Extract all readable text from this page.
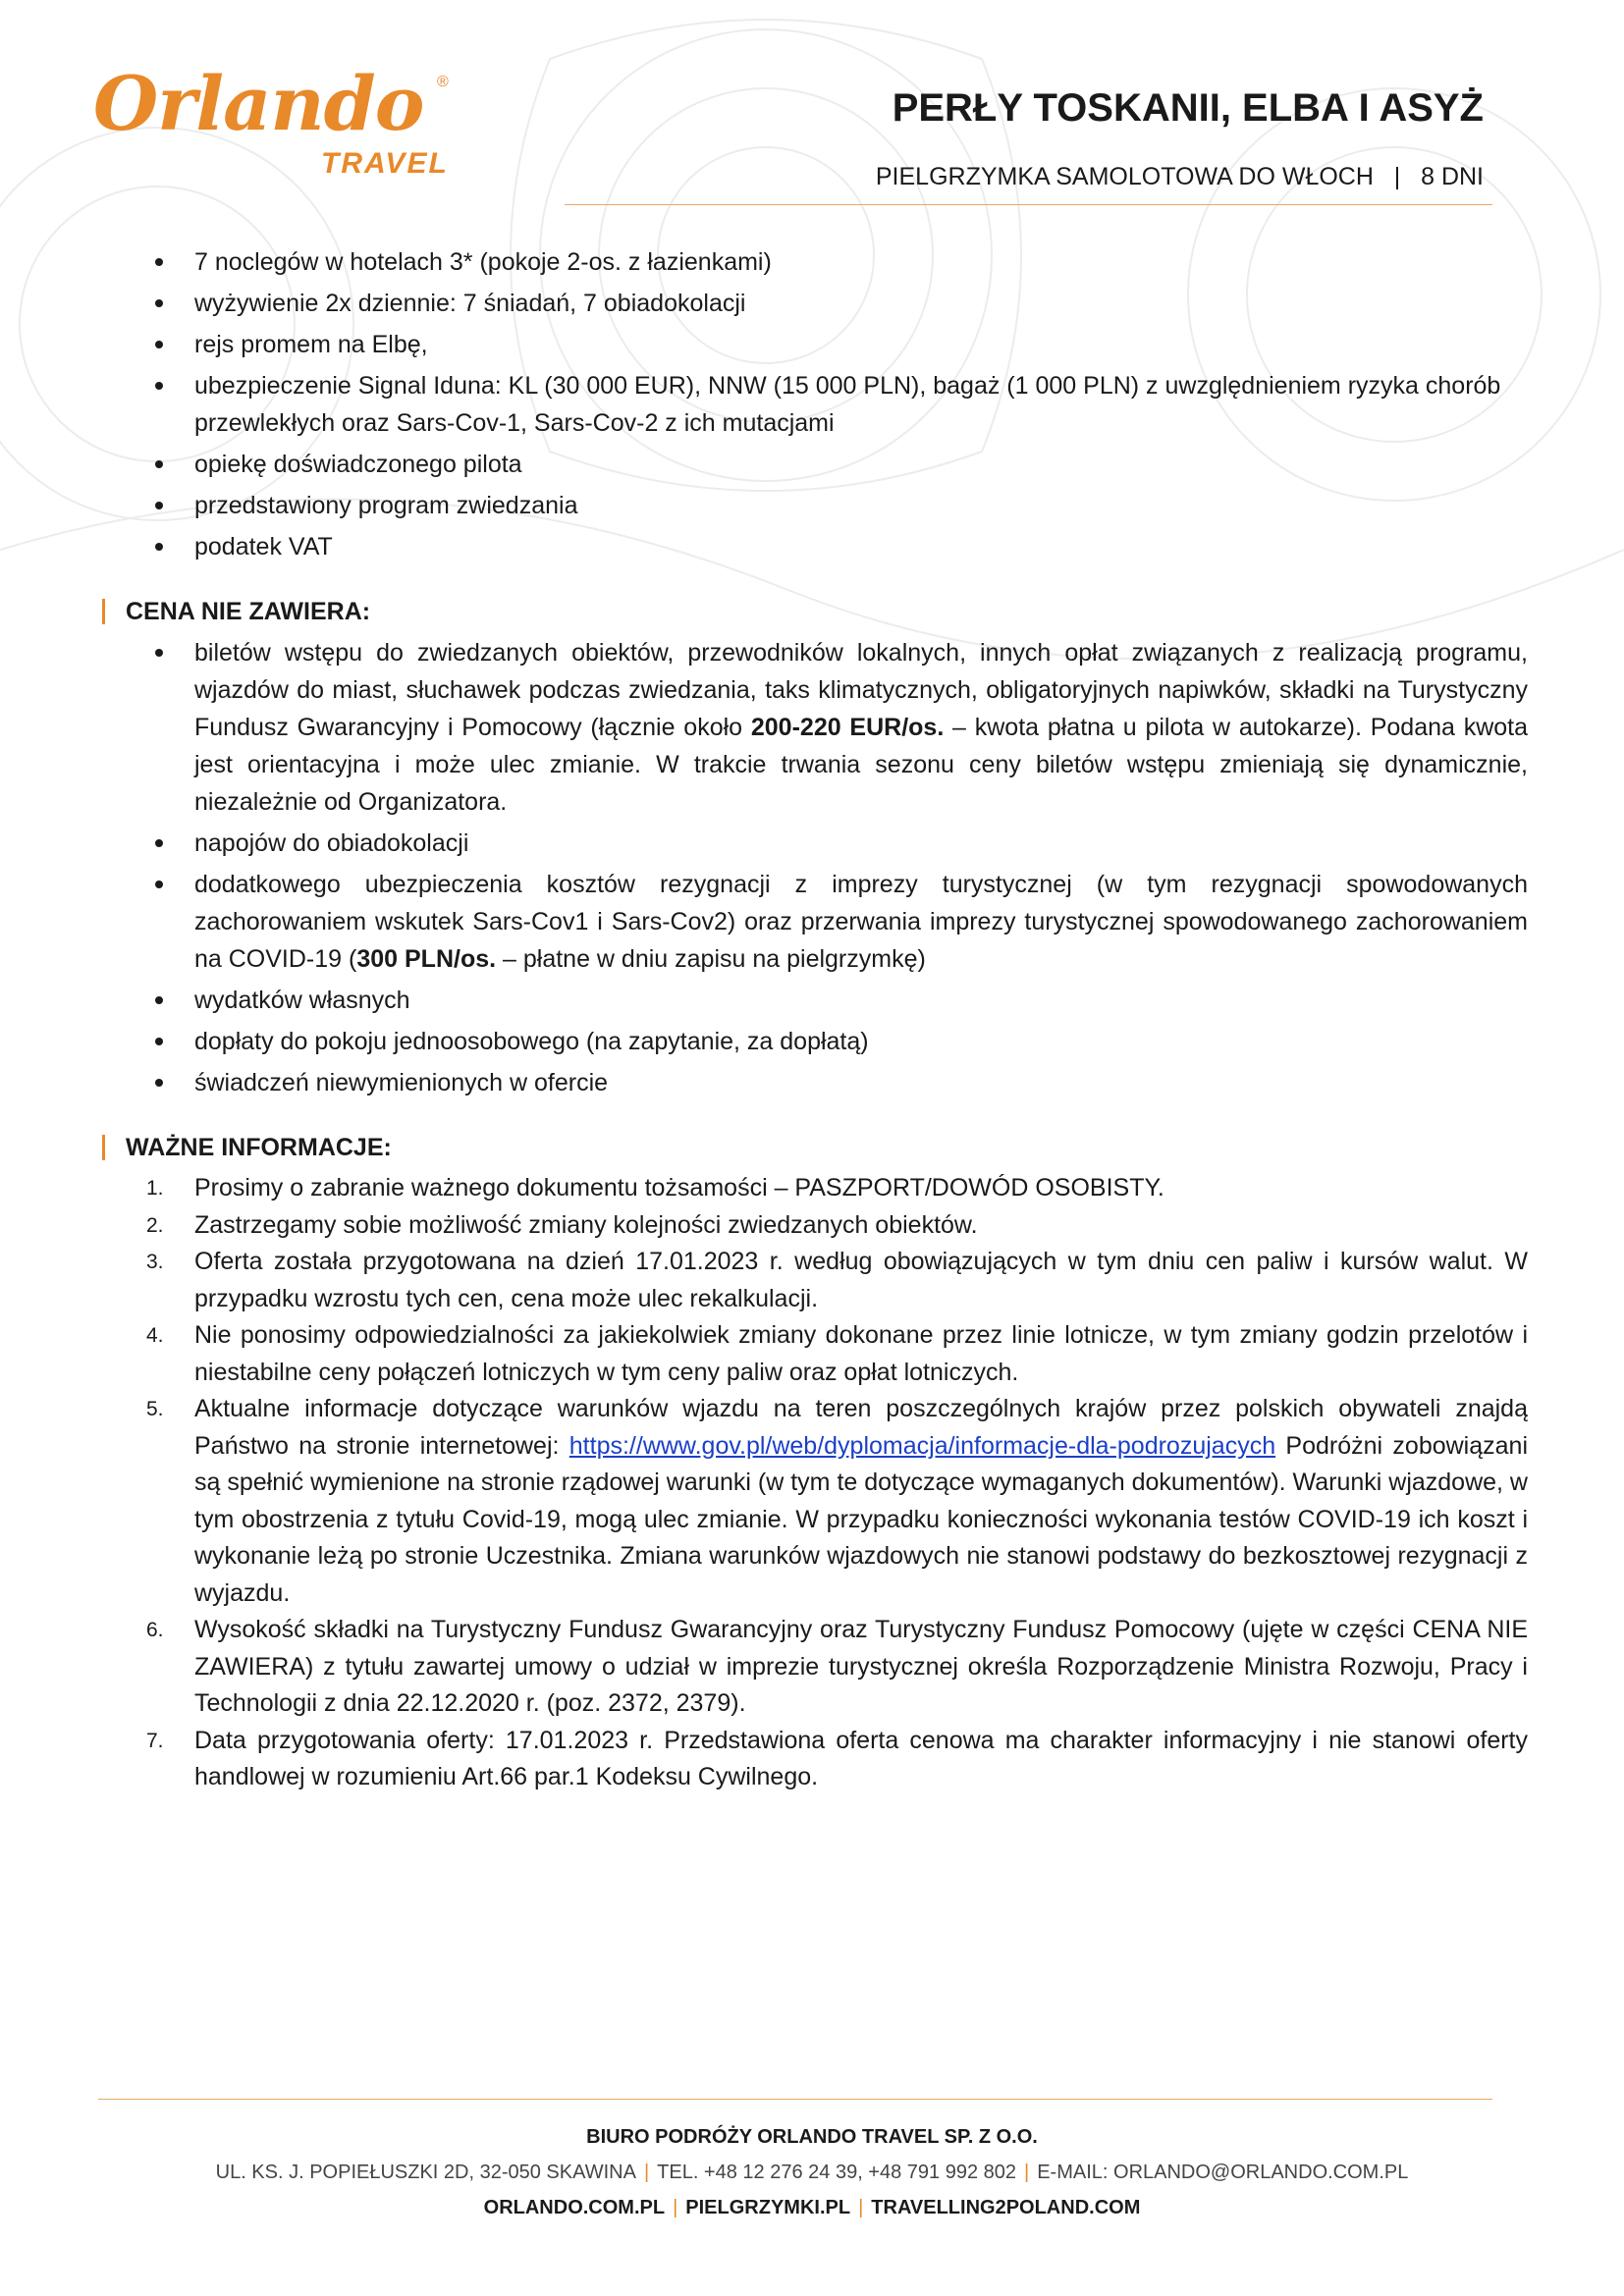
Orlando ®
TRAVEL
PERŁY TOSKANII, ELBA I ASYŻ
PIELGRZYMKA SAMOLOTOWA DO WŁOCH | 8 DNI
7 noclegów w hotelach 3* (pokoje 2-os. z łazienkami)
wyżywienie 2x dziennie: 7 śniadań, 7 obiadokolacji
rejs promem na Elbę,
ubezpieczenie Signal Iduna: KL (30 000 EUR), NNW (15 000 PLN), bagaż (1 000 PLN) z uwzględnieniem ryzyka chorób przewlekłych oraz Sars-Cov-1, Sars-Cov-2 z ich mutacjami
opiekę doświadczonego pilota
przedstawiony program zwiedzania
podatek VAT
CENA NIE ZAWIERA:
biletów wstępu do zwiedzanych obiektów, przewodników lokalnych, innych opłat związanych z realizacją programu, wjazdów do miast, słuchawek podczas zwiedzania, taks klimatycznych, obligatoryjnych napiwków, składki na Turystyczny Fundusz Gwarancyjny i Pomocowy (łącznie około 200-220 EUR/os. – kwota płatna u pilota w autokarze). Podana kwota jest orientacyjna i może ulec zmianie. W trakcie trwania sezonu ceny biletów wstępu zmieniają się dynamicznie, niezależnie od Organizatora.
napojów do obiadokolacji
dodatkowego ubezpieczenia kosztów rezygnacji z imprezy turystycznej (w tym rezygnacji spowodowanych zachorowaniem wskutek Sars-Cov1 i Sars-Cov2) oraz przerwania imprezy turystycznej spowodowanego zachorowaniem na COVID-19 (300 PLN/os. – płatne w dniu zapisu na pielgrzymkę)
wydatków własnych
dopłaty do pokoju jednoosobowego (na zapytanie, za dopłatą)
świadczeń niewymienionych w ofercie
WAŻNE INFORMACJE:
1. Prosimy o zabranie ważnego dokumentu tożsamości – PASZPORT/DOWÓD OSOBISTY.
2. Zastrzegamy sobie możliwość zmiany kolejności zwiedzanych obiektów.
3. Oferta została przygotowana na dzień 17.01.2023 r. według obowiązujących w tym dniu cen paliw i kursów walut. W przypadku wzrostu tych cen, cena może ulec rekalkulacji.
4. Nie ponosimy odpowiedzialności za jakiekolwiek zmiany dokonane przez linie lotnicze, w tym zmiany godzin przelotów i niestabilne ceny połączeń lotniczych w tym ceny paliw oraz opłat lotniczych.
5. Aktualne informacje dotyczące warunków wjazdu na teren poszczególnych krajów przez polskich obywateli znajdą Państwo na stronie internetowej: https://www.gov.pl/web/dyplomacja/informacje-dla-podrozujacych Podróżni zobowiązani są spełnić wymienione na stronie rządowej warunki (w tym te dotyczące wymaganych dokumentów). Warunki wjazdowe, w tym obostrzenia z tytułu Covid-19, mogą ulec zmianie. W przypadku konieczności wykonania testów COVID-19 ich koszt i wykonanie leżą po stronie Uczestnika. Zmiana warunków wjazdowych nie stanowi podstawy do bezkosztowej rezygnacji z wyjazdu.
6. Wysokość składki na Turystyczny Fundusz Gwarancyjny oraz Turystyczny Fundusz Pomocowy (ujęte w części CENA NIE ZAWIERA) z tytułu zawartej umowy o udział w imprezie turystycznej określa Rozporządzenie Ministra Rozwoju, Pracy i Technologii z dnia 22.12.2020 r. (poz. 2372, 2379).
7. Data przygotowania oferty: 17.01.2023 r. Przedstawiona oferta cenowa ma charakter informacyjny i nie stanowi oferty handlowej w rozumieniu Art.66 par.1 Kodeksu Cywilnego.
BIURO PODRÓŻY ORLANDO TRAVEL SP. Z O.O.
UL. KS. J. POPIEŁUSZKI 2D, 32-050 SKAWINA | TEL. +48 12 276 24 39, +48 791 992 802 | E-MAIL: ORLANDO@ORLANDO.COM.PL
ORLANDO.COM.PL | PIELGRZYMKI.PL | TRAVELLING2POLAND.COM
